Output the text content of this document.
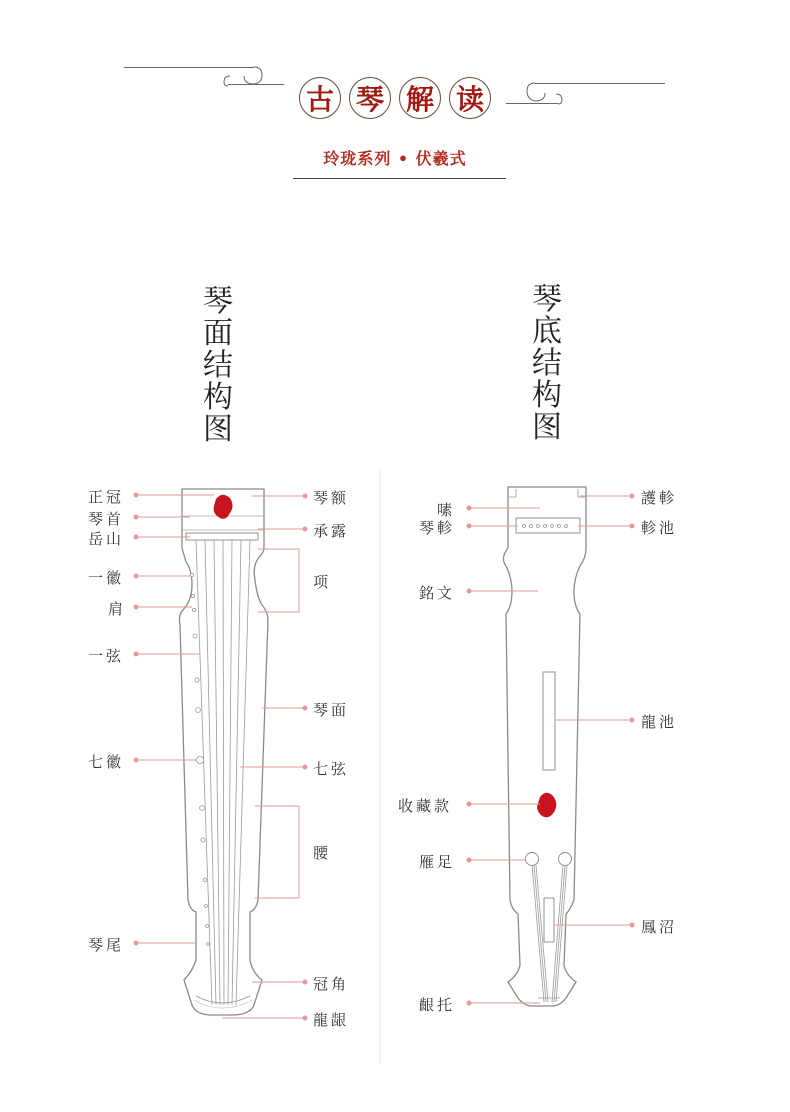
古 琴 解 读
玲珑系列 • 伏羲式
琴
面
结
构
图
琴
底
结
构
图
正冠
琴首
岳山
一徽
肩
一弦
七徽
琴尾
琴额
承露
项
琴面
七弦
腰
冠角
龍龈
嗉
琴軫
銘文
收藏款
雁足
齦托
護軫
軫池
龍池
鳳沼
